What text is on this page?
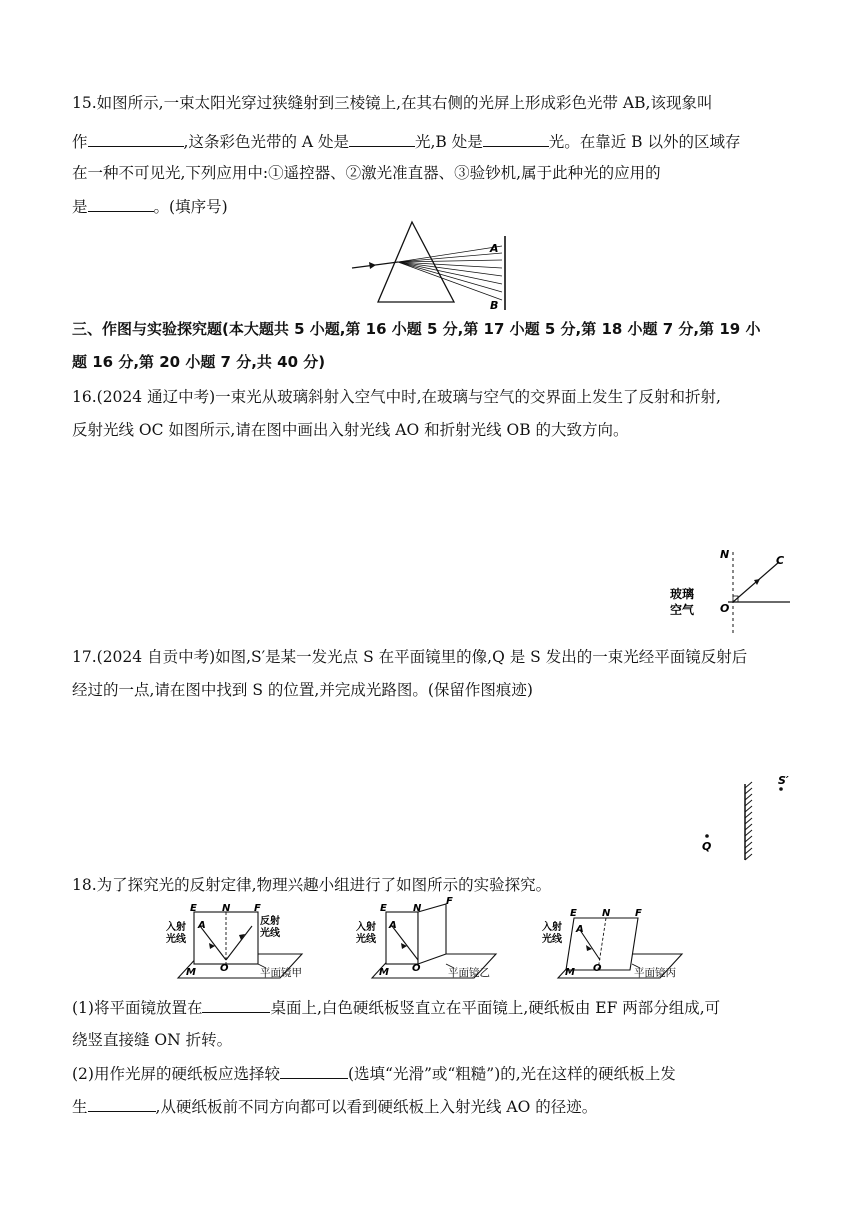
15.如图所示,一束太阳光穿过狭缝射到三棱镜上,在其右侧的光屏上形成彩色光带 AB,该现象叫
作	,这条彩色光带的 A 处是	光,B 处是	光。在靠近 B 以外的区域存
在一种不可见光,下列应用中:①遥控器、②激光准直器、③验钞机,属于此种光的应用的
是	。(填序号)
A
B
三、作图与实验探究题(本大题共 5 小题,第 16 小题 5 分,第 17 小题 5 分,第 18 小题 7 分,第 19 小
题 16 分,第 20 小题 7 分,共 40 分)
16.(2024 通辽中考)一束光从玻璃斜射入空气中时,在玻璃与空气的交界面上发生了反射和折射,
反射光线 OC 如图所示,请在图中画出入射光线 AO 和折射光线 OB 的大致方向。
N	C
O
玻璃
空气
17.(2024 自贡中考)如图,S′是某一发光点 S 在平面镜里的像,Q 是 S 发出的一束光经平面镜反射后
经过的一点,请在图中找到 S 的位置,并完成光路图。(保留作图痕迹)
S′
Q
18.为了探究光的反射定律,物理兴趣小组进行了如图所示的实验探究。
E	N F
A
O
M
入射
光线
反射
光线
平面镜甲
E	N
F
A
O
M
入射
光线
平面镜乙
E	N F
A
O
M
入射
光线
平面镜丙
(1)将平面镜放置在	桌面上,白色硬纸板竖直立在平面镜上,硬纸板由 EF 两部分组成,可
绕竖直接缝 ON 折转。
(2)用作光屏的硬纸板应选择较	(选填“光滑”或“粗糙”)的,光在这样的硬纸板上发
生	,从硬纸板前不同方向都可以看到硬纸板上入射光线 AO 的径迹。
